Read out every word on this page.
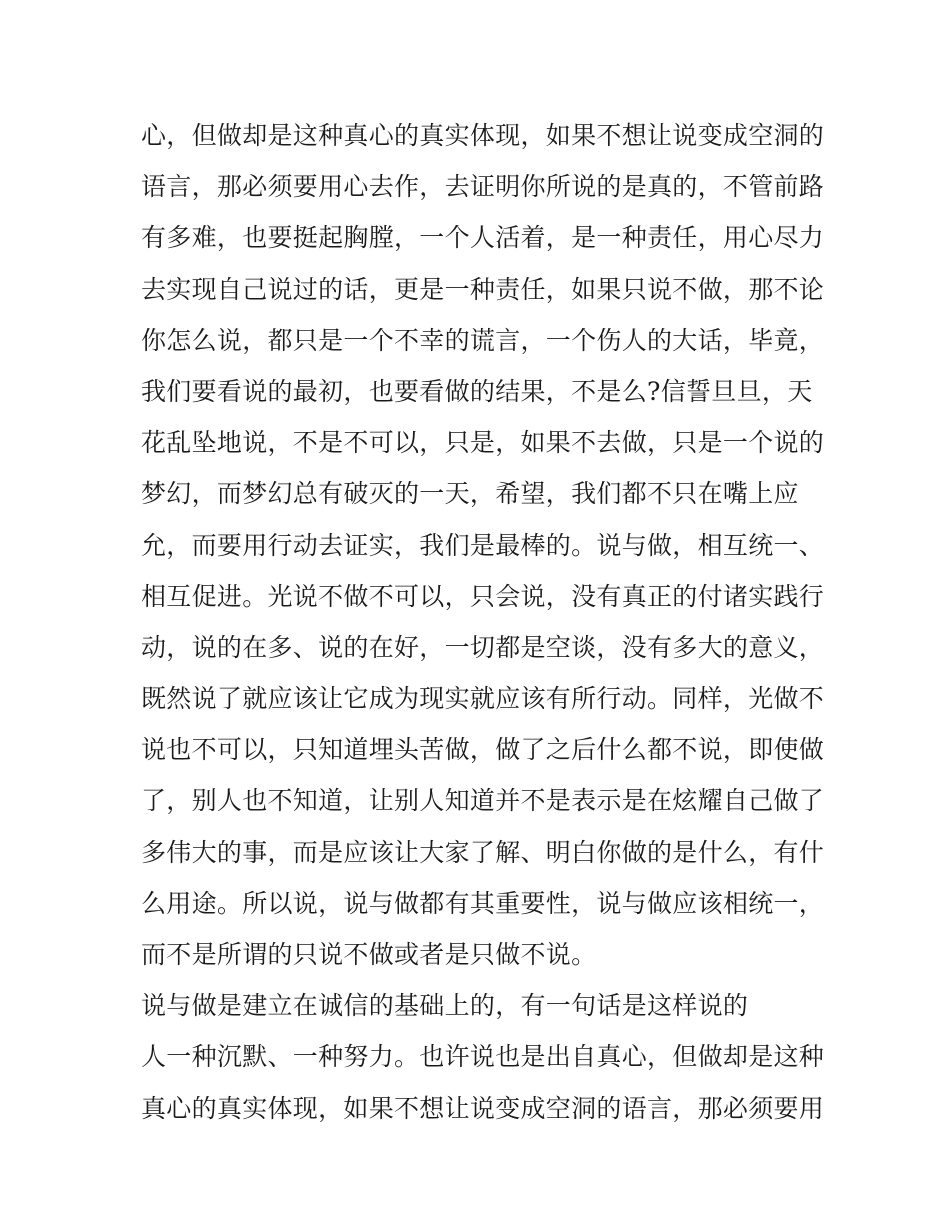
心，但做却是这种真心的真实体现，如果不想让说变成空洞的
语言，那必须要用心去作，去证明你所说的是真的，不管前路
有多难，也要挺起胸膛，一个人活着，是一种责任，用心尽力
去实现自己说过的话，更是一种责任，如果只说不做，那不论
你怎么说，都只是一个不幸的谎言，一个伤人的大话，毕竟，
我们要看说的最初，也要看做的结果，不是么?信誓旦旦，天
花乱坠地说，不是不可以，只是，如果不去做，只是一个说的
梦幻，而梦幻总有破灭的一天，希望，我们都不只在嘴上应
允，而要用行动去证实，我们是最棒的。说与做，相互统一、
相互促进。光说不做不可以，只会说，没有真正的付诸实践行
动，说的在多、说的在好，一切都是空谈，没有多大的意义，
既然说了就应该让它成为现实就应该有所行动。同样，光做不
说也不可以，只知道埋头苦做，做了之后什么都不说，即使做
了，别人也不知道，让别人知道并不是表示是在炫耀自己做了
多伟大的事，而是应该让大家了解、明白你做的是什么，有什
么用途。所以说，说与做都有其重要性，说与做应该相统一，
而不是所谓的只说不做或者是只做不说。
说与做是建立在诚信的基础上的，有一句话是这样说的
人一种沉默、一种努力。也许说也是出自真心，但做却是这种
真心的真实体现，如果不想让说变成空洞的语言，那必须要用
